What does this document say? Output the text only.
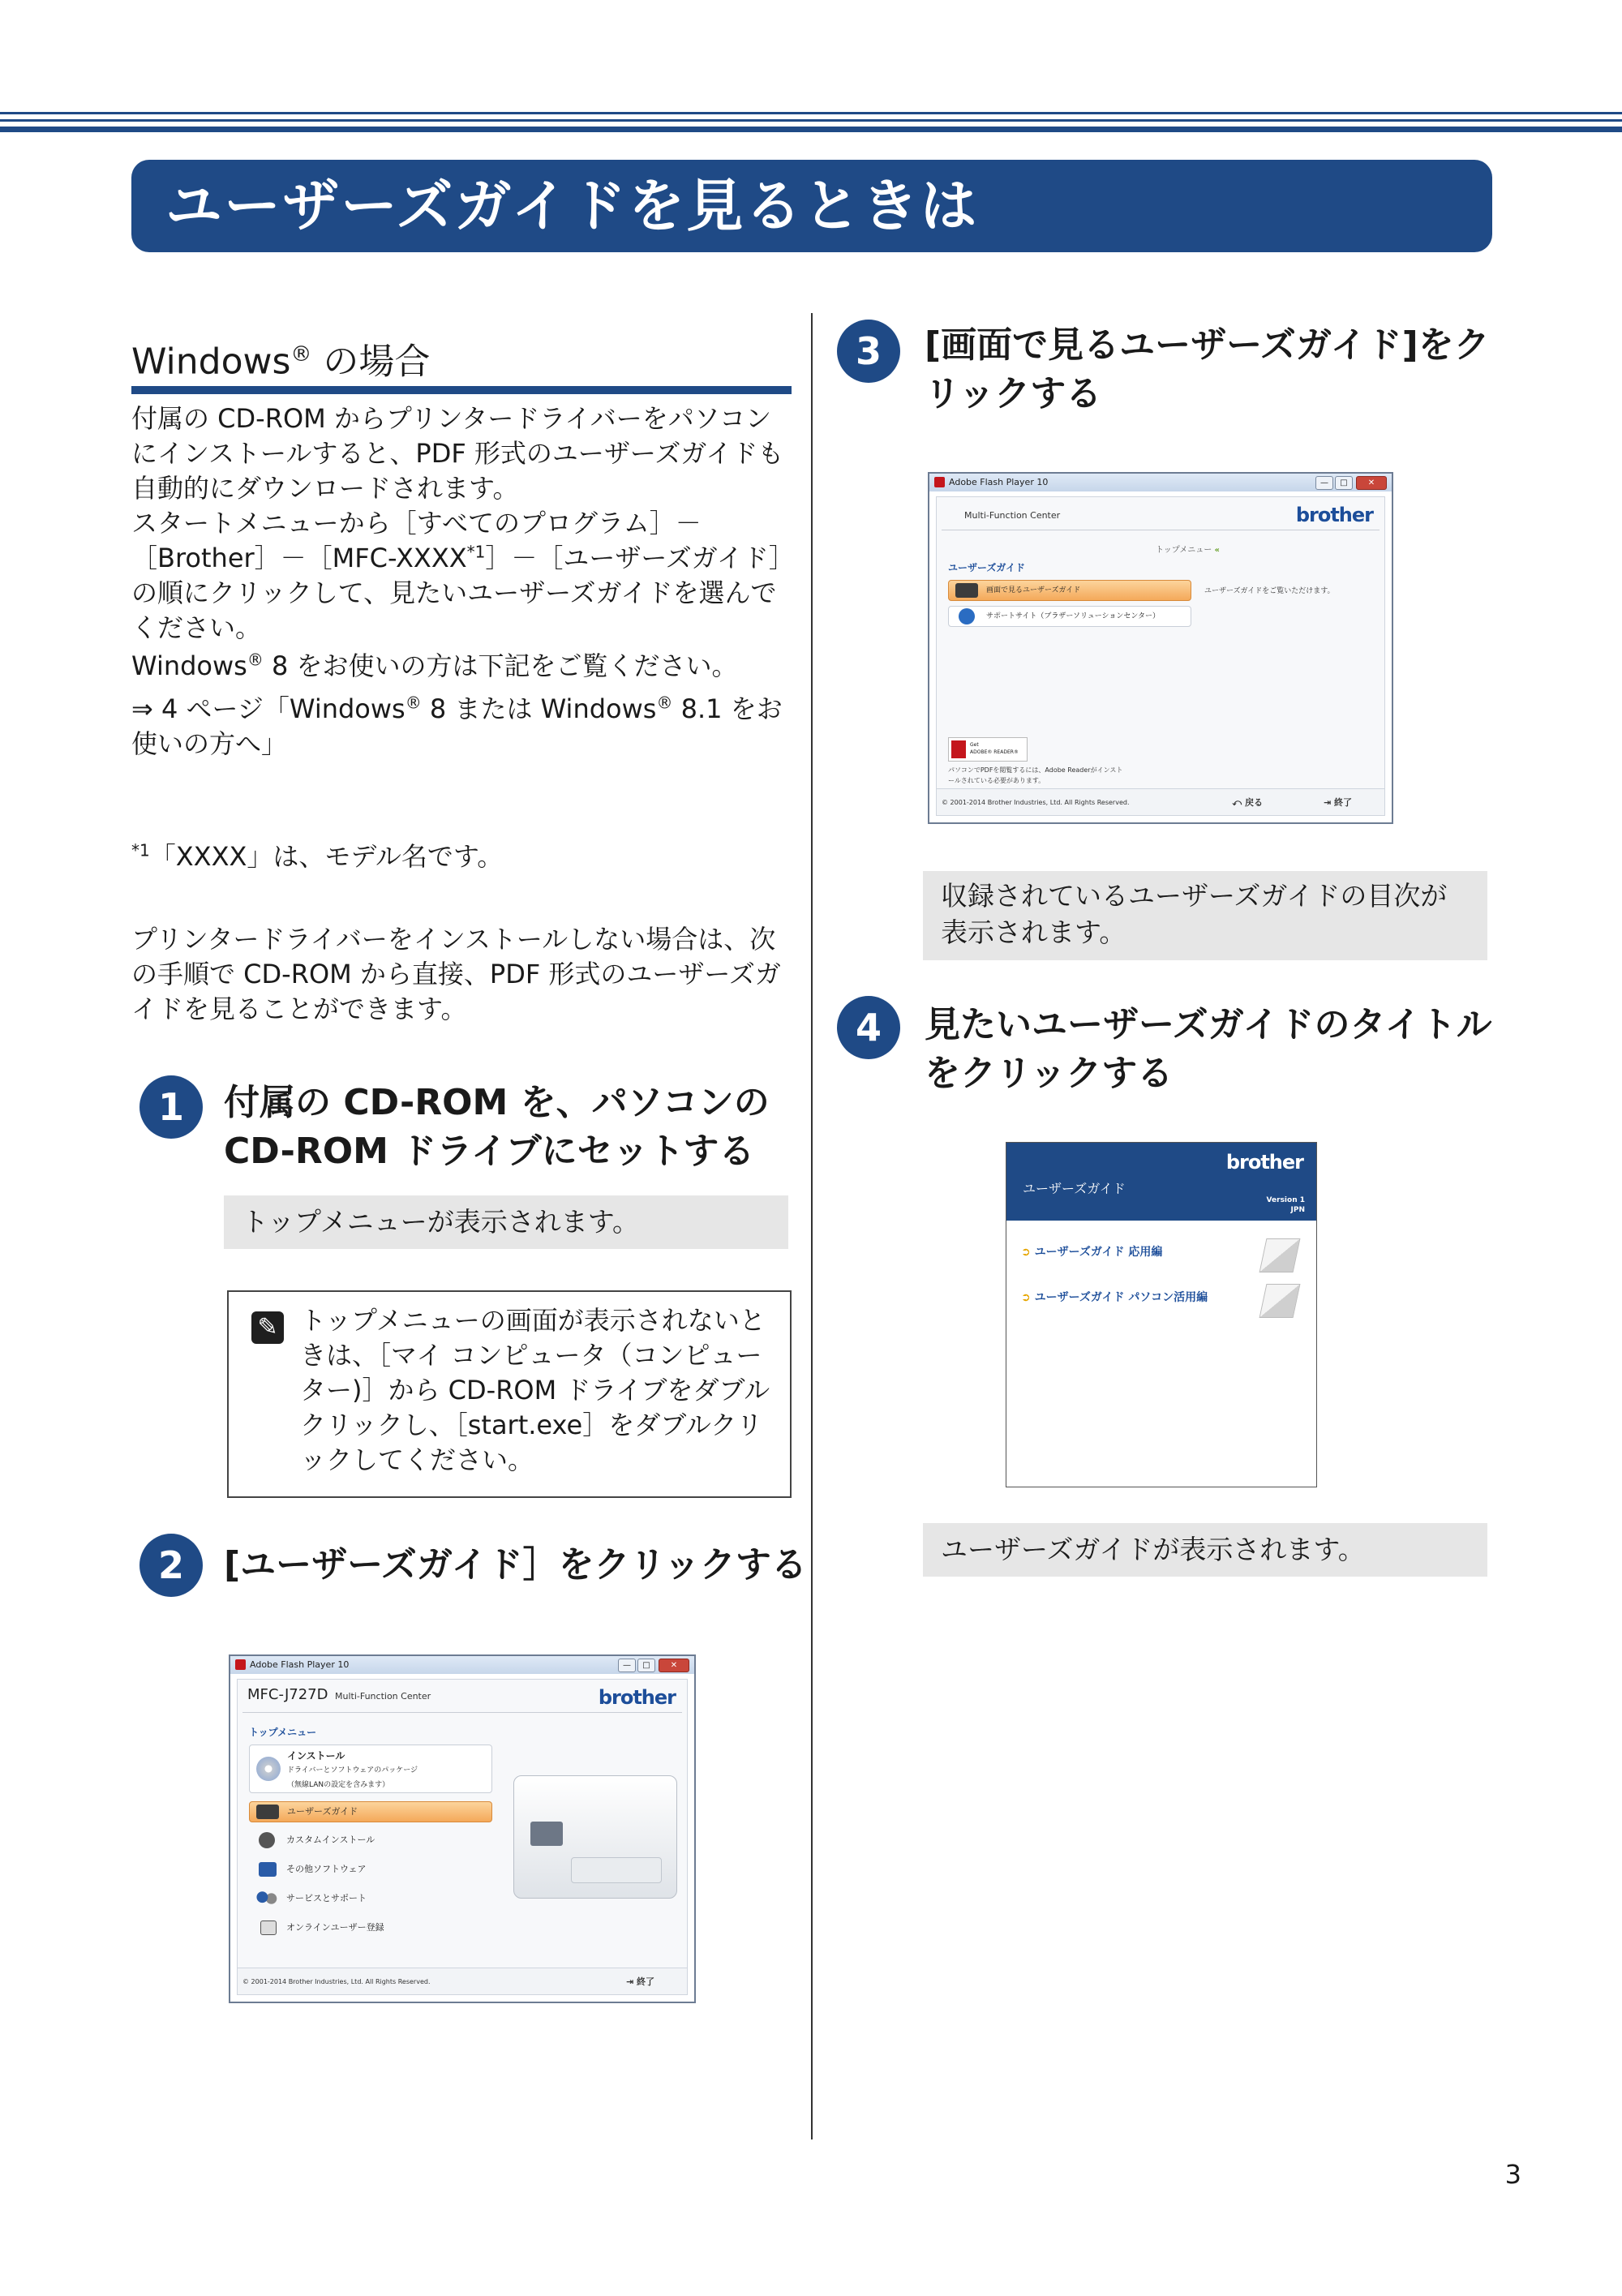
ユーザーズガイドを見るときは
Windows® の場合
付属の CD-ROM からプリンタードライバーをパソコンにインストールすると、PDF 形式のユーザーズガイドも自動的にダウンロードされます。
スタートメニューから［すべてのプログラム$]-[Brother]-[MFC-XXXX^{*1}]-[$ユーザーズガイド］の順にクリックして、見たいユーザーズガイドを選んでください。
Windows® 8 をお使いの方は下記をご覧ください。
⇒ 4 ページ「Windows® 8 または Windows® 8.1 をお使いの方へ」
$^{*1}$「XXXX」は、モデル名です。
プリンタードライバーをインストールしない場合は、次の手順で CD-ROM から直接、PDF 形式のユーザーズガイドを見ることができます。
1	付属の CD-ROM を、パソコンの CD-ROM ドライブにセットする
トップメニューが表示されます。
✎ トップメニューの画面が表示されないときは、［マイ コンピュータ（コンピューター)］から CD-ROM ドライブをダブルクリックし、［start.exe］をダブルクリックしてください。
2	[ユーザーズガイド］をクリックする
Adobe Flash Player 10	—	□	✕
MFC-J727D Multi-Function Center	brother
トップメニュー
インストール
ドライバーとソフトウェアのパッケージ
（無線LANの設定を含みます）
ユーザーズガイド
カスタムインストール
その他ソフトウェア
サービスとサポート
オンラインユーザー登録
© 2001-2014 Brother Industries, Ltd. All Rights Reserved.	⇥ 終了
3	[画面で見るユーザーズガイド]をクリックする
Adobe Flash Player 10	—	□	✕
Multi-Function Center	brother
トップメニュー «
ユーザーズガイド
画面で見るユーザーズガイド
サポートサイト（ブラザーソリューションセンター）
ユーザーズガイドをご覧いただけます。
Get
ADOBE® READER®
パソコンでPDFを閲覧するには、Adobe Readerがインストールされている必要があります。
© 2001-2014 Brother Industries, Ltd. All Rights Reserved.	⤺ 戻る	⇥ 終了
収録されているユーザーズガイドの目次が表示されます。
4	見たいユーザーズガイドのタイトルをクリックする
brother
ユーザーズガイド
Version 1
JPN
➲ ユーザーズガイド 応用編
➲ ユーザーズガイド パソコン活用編
ユーザーズガイドが表示されます。
3
